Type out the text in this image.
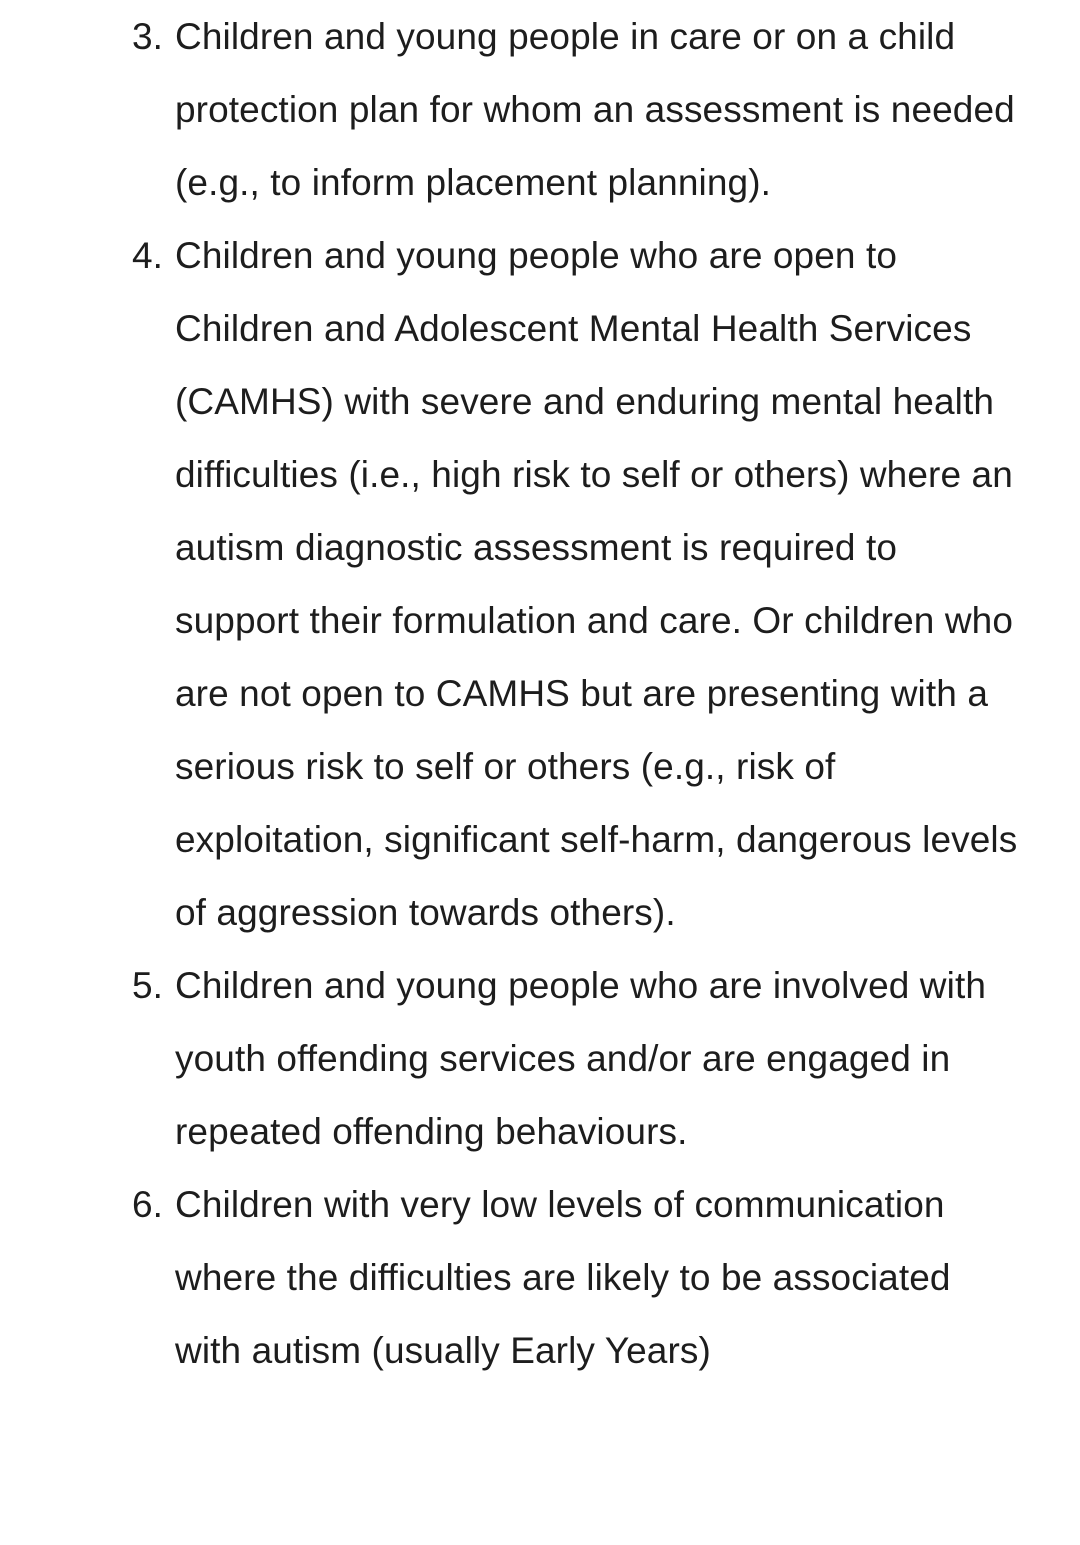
3. Children and young people in care or on a child protection plan for whom an assessment is needed (e.g., to inform placement planning).
4. Children and young people who are open to Children and Adolescent Mental Health Services (CAMHS) with severe and enduring mental health difficulties (i.e., high risk to self or others) where an autism diagnostic assessment is required to support their formulation and care. Or children who are not open to CAMHS but are presenting with a serious risk to self or others (e.g., risk of exploitation, significant self-harm, dangerous levels of aggression towards others).
5. Children and young people who are involved with youth offending services and/or are engaged in repeated offending behaviours.
6. Children with very low levels of communication where the difficulties are likely to be associated with autism (usually Early Years)
